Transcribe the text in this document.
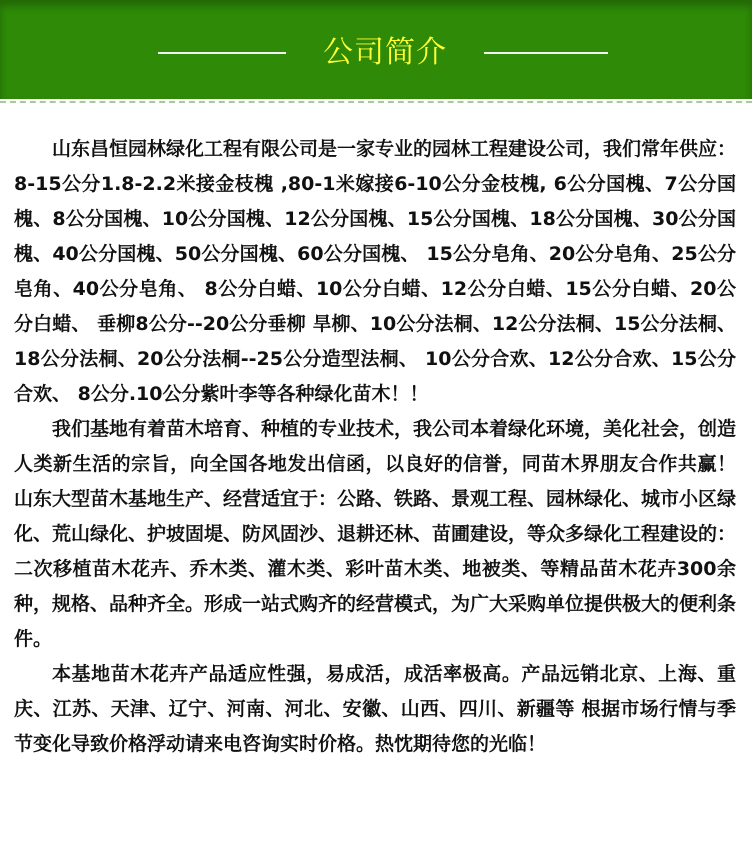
公司简介

山东昌恒园林绿化工程有限公司是一家专业的园林工程建设公司，我们常年供应： 8-15公分1.8-2.2米接金枝槐 ,80-1米嫁接6-10公分金枝槐, 6公分国槐、7公分国槐、8公分国槐、10公分国槐、12公分国槐、15公分国槐、18公分国槐、30公分国槐、40公分国槐、50公分国槐、60公分国槐、 15公分皂角、20公分皂角、25公分皂角、40公分皂角、 8公分白蜡、10公分白蜡、12公分白蜡、15公分白蜡、20公分白蜡、 垂柳8公分--20公分垂柳 旱柳、10公分法桐、12公分法桐、15公分法桐、18公分法桐、20公分法桐--25公分造型法桐、 10公分合欢、12公分合欢、15公分合欢、 8公分.10公分紫叶李等各种绿化苗木！！

我们基地有着苗木培育、种植的专业技术，我公司本着绿化环境，美化社会，创造人类新生活的宗旨，向全国各地发出信函，以良好的信誉，同苗木界朋友合作共赢！ 山东大型苗木基地生产、经营适宜于：公路、铁路、景观工程、园林绿化、城市小区绿化、荒山绿化、护坡固堤、防风固沙、退耕还林、苗圃建设，等众多绿化工程建设的： 二次移植苗木花卉、乔木类、灌木类、彩叶苗木类、地被类、等精品苗木花卉300余种，规格、品种齐全。形成一站式购齐的经营模式，为广大采购单位提供极大的便利条件。

本基地苗木花卉产品适应性强，易成活，成活率极高。产品远销北京、上海、重庆、江苏、天津、辽宁、河南、河北、安徽、山西、四川、新疆等 根据市场行情与季节变化导致价格浮动请来电咨询实时价格。热忱期待您的光临！
